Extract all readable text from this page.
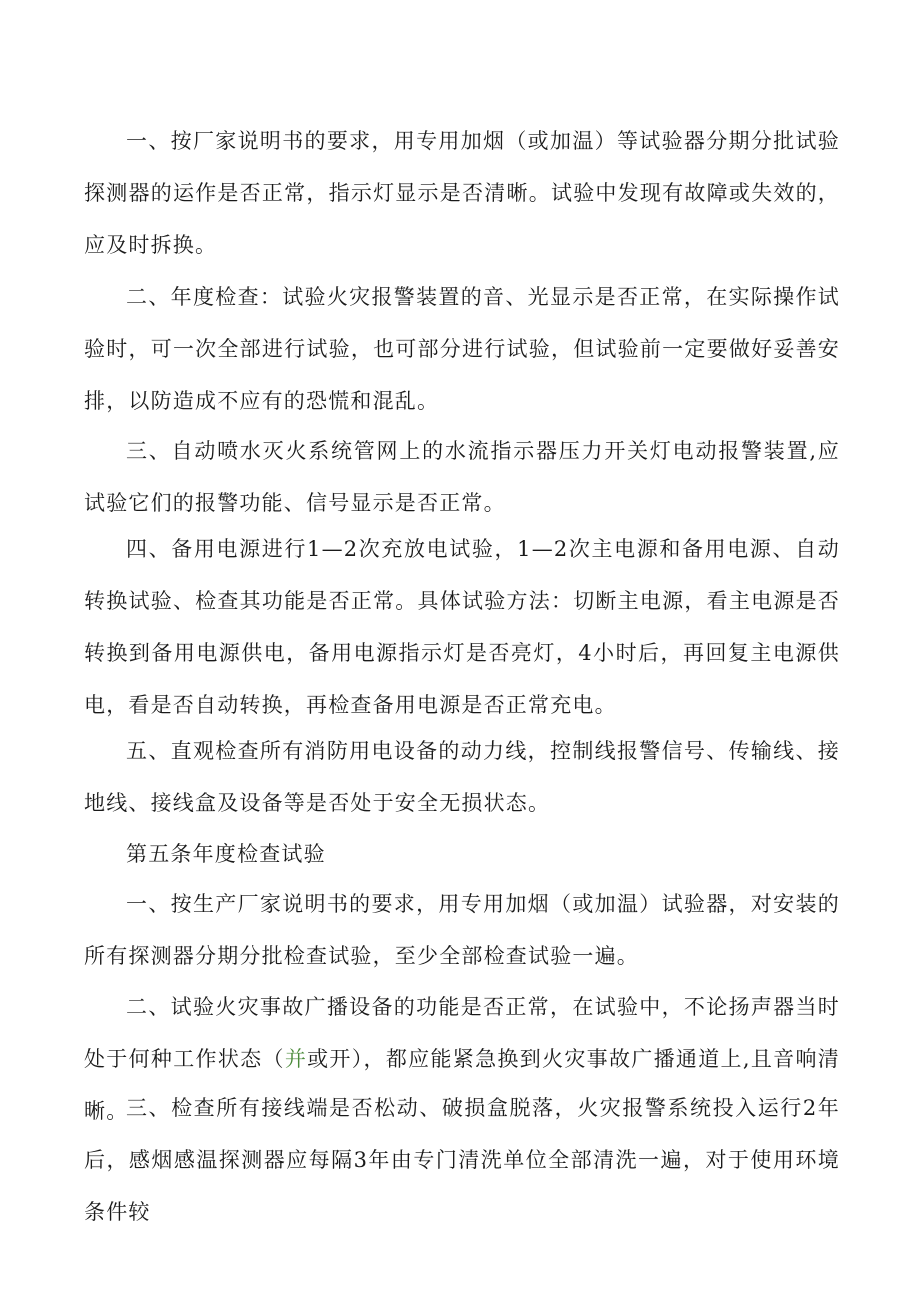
一、按厂家说明书的要求，用专用加烟（或加温）等试验器分期分批试验探测器的运作是否正常，指示灯显示是否清晰。试验中发现有故障或失效的，应及时拆换。

二、年度检查：试验火灾报警装置的音、光显示是否正常，在实际操作试验时，可一次全部进行试验，也可部分进行试验，但试验前一定要做好妥善安排，以防造成不应有的恐慌和混乱。

三、自动喷水灭火系统管网上的水流指示器压力开关灯电动报警装置,应试验它们的报警功能、信号显示是否正常。

四、备用电源进行1—2次充放电试验，1—2次主电源和备用电源、自动转换试验、检查其功能是否正常。具体试验方法：切断主电源，看主电源是否转换到备用电源供电，备用电源指示灯是否亮灯，4小时后，再回复主电源供电，看是否自动转换，再检查备用电源是否正常充电。

五、直观检查所有消防用电设备的动力线，控制线报警信号、传输线、接地线、接线盒及设备等是否处于安全无损状态。

第五条年度检查试验

一、按生产厂家说明书的要求，用专用加烟（或加温）试验器，对安装的所有探测器分期分批检查试验，至少全部检查试验一遍。

二、试验火灾事故广播设备的功能是否正常，在试验中，不论扬声器当时处于何种工作状态（并或开），都应能紧急换到火灾事故广播通道上,且音响清晰。

三、检查所有接线端是否松动、破损盒脱落，火灾报警系统投入运行2年后，感烟感温探测器应每隔3年由专门清洗单位全部清洗一遍，对于使用环境条件较
